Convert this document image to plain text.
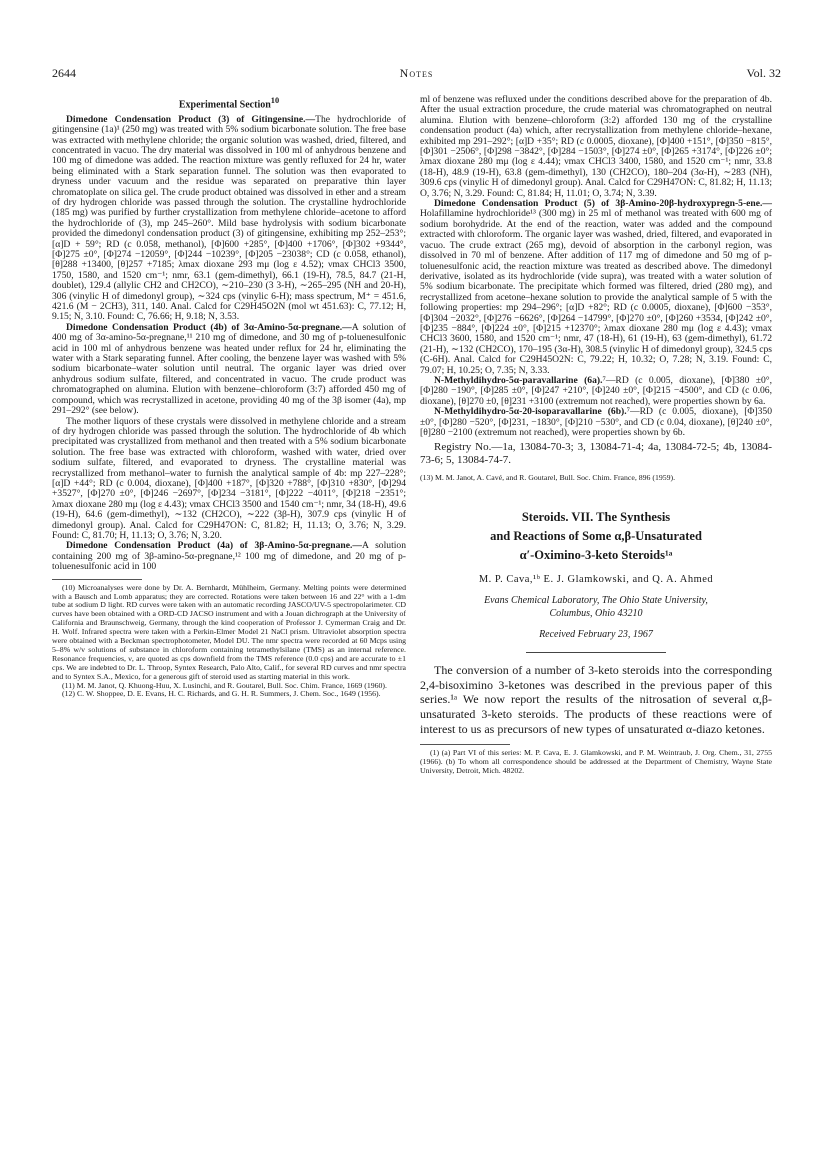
2644	Notes	Vol. 32
Experimental Section$^{10}$

Dimedone Condensation Product (3) of Gitingensine.—The hydrochloride of gitingensine (1a)¹ (250 mg) was treated with 5% sodium bicarbonate solution. The free base was extracted with methylene chloride; the organic solution was washed, dried, filtered, and concentrated in vacuo. The dry material was dissolved in 100 ml of anhydrous benzene and 100 mg of dimedone was added. The reaction mixture was gently refluxed for 24 hr, water being eliminated with a Stark separation funnel. The solution was then evaporated to dryness under vacuum and the residue was separated on preparative thin layer chromatoplate on silica gel. The crude product obtained was dissolved in ether and a stream of dry hydrogen chloride was passed through the solution. The crystalline hydrochloride (185 mg) was purified by further crystallization from methylene chloride–acetone to afford the hydrochloride of (3), mp 245–260°. Mild base hydrolysis with sodium bicarbonate provided the dimedonyl condensation product (3) of gitingensine, exhibiting mp 252–253°; [α]D + 59°; RD (c 0.058, methanol), [Φ]600 +285°, [Φ]400 +1706°, [Φ]302 +9344°, [Φ]275 ±0°, [Φ]274 −12059°, [Φ]244 −10239°, [Φ]205 −23038°; CD (c 0.058, ethanol), [θ]288 +13400, [θ]257 +7185; λmax dioxane 293 mμ (log ε 4.52); νmax CHCl3 3500, 1750, 1580, and 1520 cm⁻¹; nmr, 63.1 (gem-dimethyl), 66.1 (19-H), 78.5, 84.7 (21-H, doublet), 129.4 (allylic CH2 and CH2CO), ∼210–230 (3 3-H), ∼265–295 (NH and 20-H), 306 (vinylic H of dimedonyl group), ∼324 cps (vinylic 6-H); mass spectrum, M⁺ = 451.6, 421.6 (M − 2CH3), 311, 140. Anal. Calcd for C29H45O2N (mol wt 451.63): C, 77.12; H, 9.15; N, 3.10. Found: C, 76.66; H, 9.18; N, 3.53.

Dimedone Condensation Product (4b) of 3α-Amino-5α-pregnane.—A solution of 400 mg of 3α-amino-5α-pregnane,¹¹ 210 mg of dimedone, and 30 mg of p-toluenesulfonic acid in 100 ml of anhydrous benzene was heated under reflux for 24 hr, eliminating the water with a Stark separating funnel. After cooling, the benzene layer was washed with 5% sodium bicarbonate–water solution until neutral. The organic layer was dried over anhydrous sodium sulfate, filtered, and concentrated in vacuo. The crude product was chromatographed on alumina. Elution with benzene–chloroform (3:7) afforded 450 mg of compound, which was recrystallized in acetone, providing 40 mg of the 3β isomer (4a), mp 291–292° (see below).

The mother liquors of these crystals were dissolved in methylene chloride and a stream of dry hydrogen chloride was passed through the solution. The hydrochloride of 4b which precipitated was crystallized from methanol and then treated with a 5% sodium bicarbonate solution. The free base was extracted with chloroform, washed with water, dried over sodium sulfate, filtered, and evaporated to dryness. The crystalline material was recrystallized from methanol–water to furnish the analytical sample of 4b: mp 227–228°; [α]D +44°; RD (c 0.004, dioxane), [Φ]400 +187°, [Φ]320 +788°, [Φ]310 +830°, [Φ]294 +3527°, [Φ]270 ±0°, [Φ]246 −2697°, [Φ]234 −3181°, [Φ]222 −4011°, [Φ]218 −2351°; λmax dioxane 280 mμ (log ε 4.43); νmax CHCl3 3500 and 1540 cm⁻¹; nmr, 34 (18-H), 49.6 (19-H), 64.6 (gem-dimethyl), ∼132 (CH2CO), ∼222 (3β-H), 307.9 cps (vinylic H of dimedonyl group). Anal. Calcd for C29H47ON: C, 81.82; H, 11.13; O, 3.76; N, 3.29. Found: C, 81.70; H, 11.13; O, 3.76; N, 3.20.

Dimedone Condensation Product (4a) of 3β-Amino-5α-pregnane.—A solution containing 200 mg of 3β-amino-5α-pregnane,¹² 100 mg of dimedone, and 20 mg of p-toluenesulfonic acid in 100

(10) Microanalyses were done by Dr. A. Bernhardt, Mühlheim, Germany. Melting points were determined with a Bausch and Lomb apparatus; they are corrected. Rotations were taken between 16 and 22° with a 1-dm tube at sodium D light. RD curves were taken with an automatic recording JASCO/UV-5 spectropolarimeter. CD curves have been obtained with a ORD-CD JACSO instrument and with a Jouan dichrograph at the University of California and Braunschweig, Germany, through the kind cooperation of Professor J. Cymerman Craig and Dr. H. Wolf. Infrared spectra were taken with a Perkin-Elmer Model 21 NaCl prism. Ultraviolet absorption spectra were obtained with a Beckman spectrophotometer, Model DU. The nmr spectra were recorded at 60 Mcps using 5–8% w/v solutions of substance in chloroform containing tetramethylsilane (TMS) as an internal reference. Resonance frequencies, ν, are quoted as cps downfield from the TMS reference (0.0 cps) and are accurate to ±1 cps. We are indebted to Dr. L. Throop, Syntex Research, Palo Alto, Calif., for several RD curves and nmr spectra and to Syntex S.A., Mexico, for a generous gift of steroid used as starting material in this work.

(11) M. M. Janot, Q. Khuong-Huu, X. Lusinchi, and R. Goutarel, Bull. Soc. Chim. France, 1669 (1960).

(12) C. W. Shoppee, D. E. Evans, H. C. Richards, and G. H. R. Summers, J. Chem. Soc., 1649 (1956).

ml of benzene was refluxed under the conditions described above for the preparation of 4b. After the usual extraction procedure, the crude material was chromatographed on neutral alumina. Elution with benzene–chloroform (3:2) afforded 130 mg of the crystalline condensation product (4a) which, after recrystallization from methylene chloride–hexane, exhibited mp 291–292°; [α]D +35°; RD (c 0.0005, dioxane), [Φ]400 +151°, [Φ]350 −815°, [Φ]301 −2506°, [Φ]298 −3842°, [Φ]284 −1503°, [Φ]274 ±0°, [Φ]265 +3174°, [Φ]226 ±0°; λmax dioxane 280 mμ (log ε 4.44); νmax CHCl3 3400, 1580, and 1520 cm⁻¹; nmr, 33.8 (18-H), 48.9 (19-H), 63.8 (gem-dimethyl), 130 (CH2CO), 180–204 (3α-H), ∼283 (NH), 309.6 cps (vinylic H of dimedonyl group). Anal. Calcd for C29H47ON: C, 81.82; H, 11.13; O, 3.76; N, 3.29. Found: C, 81.84; H, 11.01; O, 3.74; N, 3.39.

Dimedone Condensation Product (5) of 3β-Amino-20β-hydroxypregn-5-ene.—Holafillamine hydrochloride¹³ (300 mg) in 25 ml of methanol was treated with 600 mg of sodium borohydride. At the end of the reaction, water was added and the compound extracted with chloroform. The organic layer was washed, dried, filtered, and evaporated in vacuo. The crude extract (265 mg), devoid of absorption in the carbonyl region, was dissolved in 70 ml of benzene. After addition of 117 mg of dimedone and 50 mg of p-toluenesulfonic acid, the reaction mixture was treated as described above. The dimedonyl derivative, isolated as its hydrochloride (vide supra), was treated with a water solution of 5% sodium bicarbonate. The precipitate which formed was filtered, dried (280 mg), and recrystallized from acetone–hexane solution to provide the analytical sample of 5 with the following properties: mp 294–296°; [α]D +82°; RD (c 0.0005, dioxane), [Φ]600 −353°, [Φ]304 −2032°, [Φ]276 −6626°, [Φ]264 −14799°, [Φ]270 ±0°, [Φ]260 +3534, [Φ]242 ±0°, [Φ]235 −884°, [Φ]224 ±0°, [Φ]215 +12370°; λmax dioxane 280 mμ (log ε 4.43); νmax CHCl3 3600, 1580, and 1520 cm⁻¹; nmr, 47 (18-H), 61 (19-H), 63 (gem-dimethyl), 61.72 (21-H), ∼132 (CH2CO), 170–195 (3α-H), 308.5 (vinylic H of dimedonyl group), 324.5 cps (C-6H). Anal. Calcd for C29H45O2N: C, 79.22; H, 10.32; O, 7.28; N, 3.19. Found: C, 79.07; H, 10.25; O, 7.35; N, 3.33.

N-Methyldihydro-5α-paravallarine (6a).⁷—RD (c 0.005, dioxane), [Φ]380 ±0°, [Φ]280 −190°, [Φ]285 ±0°, [Φ]247 +210°, [Φ]240 ±0°, [Φ]215 −4500°, and CD (c 0.06, dioxane), [θ]270 ±0, [θ]231 +3100 (extremum not reached), were properties shown by 6a.

N-Methyldihydro-5α-20-isoparavallarine (6b).⁷—RD (c 0.005, dioxane), [Φ]350 ±0°, [Φ]280 −520°, [Φ]231, −1830°, [Φ]210 −530°, and CD (c 0.04, dioxane), [θ]240 ±0°, [θ]280 −2100 (extremum not reached), were properties shown by 6b.

Registry No.—1a, 13084-70-3; 3, 13084-71-4; 4a, 13084-72-5; 4b, 13084-73-6; 5, 13084-74-7.

(13) M. M. Janot, A. Cavé, and R. Goutarel, Bull. Soc. Chim. France, 896 (1959).
Steroids. VII. The Synthesis
and Reactions of Some α,β-Unsaturated
α′-Oximino-3-keto Steroids¹ᵃ
M. P. Cava,¹ᵇ E. J. Glamkowski, and Q. A. Ahmed
Evans Chemical Laboratory, The Ohio State University,
Columbus, Ohio 43210
Received February 23, 1967

The conversion of a number of 3-keto steroids into the corresponding 2,4-bisoximino 3-ketones was described in the previous paper of this series.¹ᵃ We now report the results of the nitrosation of several α,β-unsaturated 3-keto steroids. The products of these reactions were of interest to us as precursors of new types of unsaturated α-diazo ketones.

(1) (a) Part VI of this series: M. P. Cava, E. J. Glamkowski, and P. M. Weintraub, J. Org. Chem., 31, 2755 (1966). (b) To whom all correspondence should be addressed at the Department of Chemistry, Wayne State University, Detroit, Mich. 48202.
